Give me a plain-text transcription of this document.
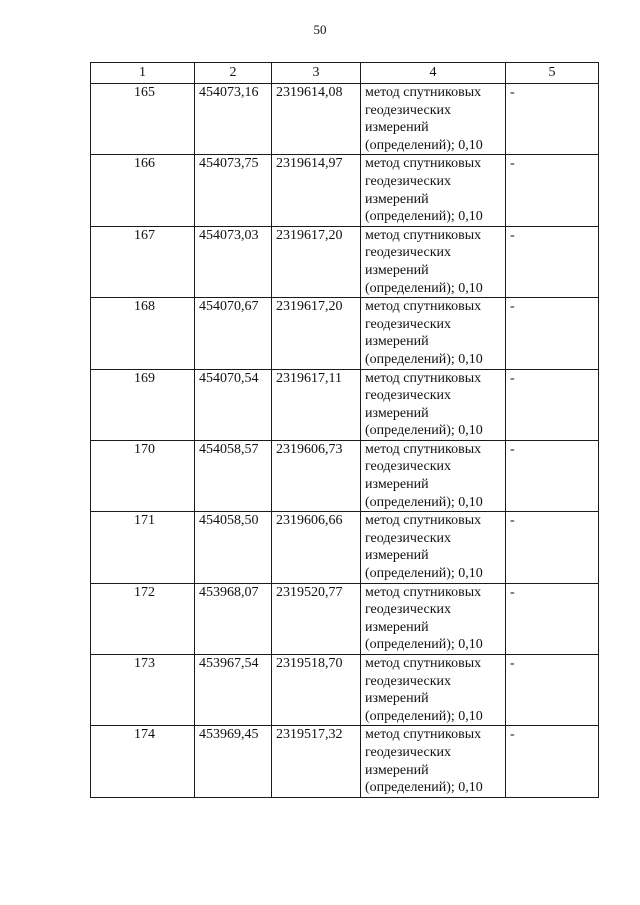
50
1	2	3	4	5
165	454073,16	2319614,08	метод спутниковых
геодезических
измерений
(определений); 0,10	-
166	454073,75	2319614,97	метод спутниковых
геодезических
измерений
(определений); 0,10	-
167	454073,03	2319617,20	метод спутниковых
геодезических
измерений
(определений); 0,10	-
168	454070,67	2319617,20	метод спутниковых
геодезических
измерений
(определений); 0,10	-
169	454070,54	2319617,11	метод спутниковых
геодезических
измерений
(определений); 0,10	-
170	454058,57	2319606,73	метод спутниковых
геодезических
измерений
(определений); 0,10	-
171	454058,50	2319606,66	метод спутниковых
геодезических
измерений
(определений); 0,10	-
172	453968,07	2319520,77	метод спутниковых
геодезических
измерений
(определений); 0,10	-
173	453967,54	2319518,70	метод спутниковых
геодезических
измерений
(определений); 0,10	-
174	453969,45	2319517,32	метод спутниковых
геодезических
измерений
(определений); 0,10	-
